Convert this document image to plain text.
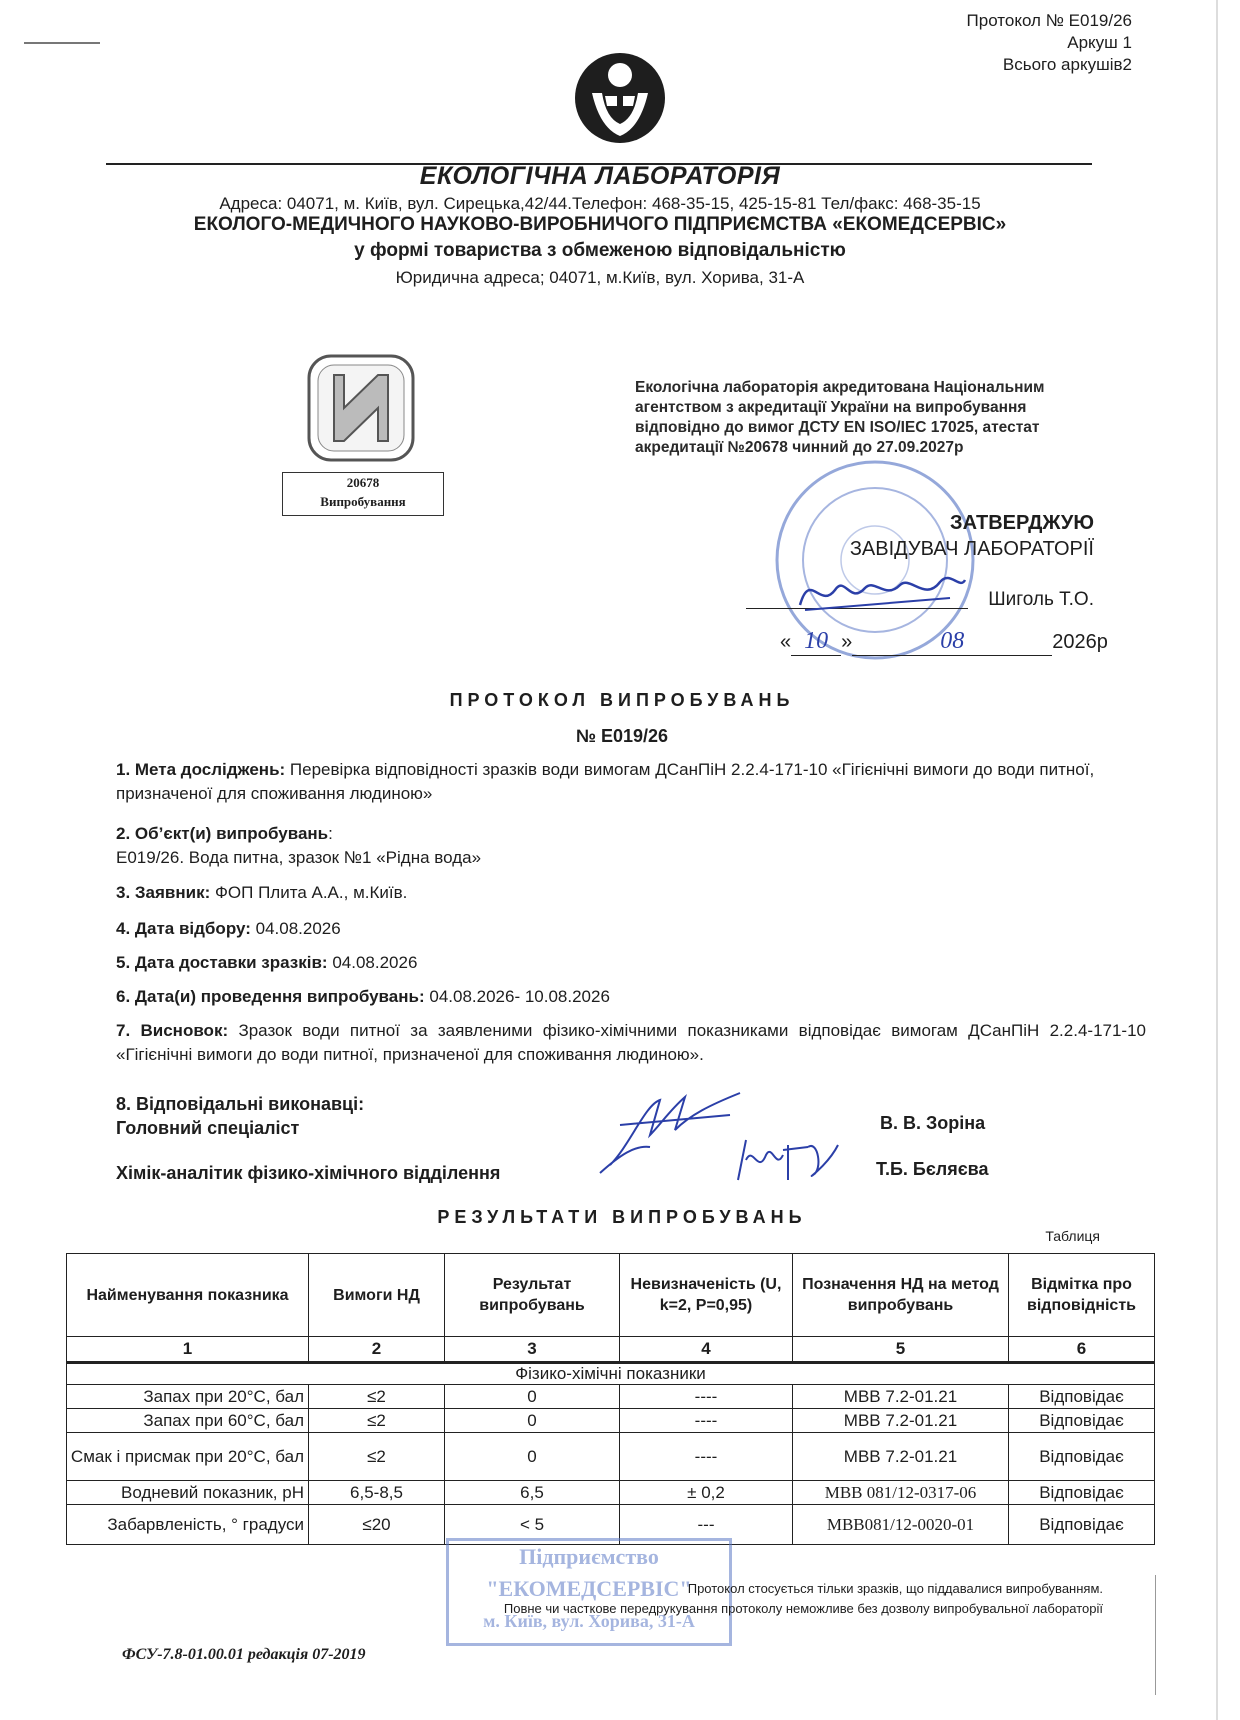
Протокол № Е019/26
Аркуш 1
Всього аркушів2
ЕКОЛОГІЧНА ЛАБОРАТОРІЯ
Адреса: 04071, м. Київ, вул. Сирецька,42/44.Телефон: 468-35-15, 425-15-81 Тел/факс: 468-35-15
ЕКОЛОГО-МЕДИЧНОГО НАУКОВО-ВИРОБНИЧОГО ПІДПРИЄМСТВА «ЕКОМЕДСЕРВІС»
у формі товариства з обмеженою відповідальністю
Юридична адреса; 04071, м.Київ, вул. Хорива, 31-А
20678
Випробування
Екологічна лабораторія акредитована Національним
агентством з акредитації України на випробування
відповідно до вимог ДСТУ EN ISO/IEC 17025, атестат
акредитації №20678 чинний до 27.09.2027р
ЗАТВЕРДЖУЮ
ЗАВІДУВАЧ ЛАБОРАТОРІЇ
Шиголь Т.О.
« 10 »	08	2026р
ПРОТОКОЛ ВИПРОБУВАНЬ
№ Е019/26
1. Мета досліджень: Перевірка відповідності зразків води вимогам ДСанПіН 2.2.4-171-10 «Гігієнічні вимоги до води питної, призначеної для споживання людиною»
2. Об’єкт(и) випробувань:
Е019/26. Вода питна, зразок №1 «Рідна вода»
3. Заявник: ФОП Плита А.А., м.Київ.
4. Дата відбору: 04.08.2026
5. Дата доставки зразків: 04.08.2026
6. Дата(и) проведення випробувань: 04.08.2026- 10.08.2026
7. Висновок: Зразок води питної за заявленими фізико-хімічними показниками відповідає вимогам ДСанПіН 2.2.4-171-10 «Гігієнічні вимоги до води питної, призначеної для споживання людиною».
8. Відповідальні виконавці:
Головний спеціаліст	В. В. Зоріна
Хімік-аналітик фізико-хімічного відділення	Т.Б. Бєляєва
РЕЗУЛЬТАТИ ВИПРОБУВАНЬ
Таблиця
Найменування показника	Вимоги НД	Результат випробувань	Невизначеність (U, k=2, P=0,95)	Позначення НД на метод випробувань	Відмітка про відповідність
1	2	3	4	5	6
Фізико-хімічні показники					
Запах при 20°С, бал	≤2	0	----	МВВ 7.2-01.21	Відповідає
Запах при 60°С, бал	≤2	0	----	МВВ 7.2-01.21	Відповідає
Смак і присмак при 20°С, бал	≤2	0	----	МВВ 7.2-01.21	Відповідає
Водневий показник, pH	6,5-8,5	6,5	± 0,2	МВВ 081/12-0317-06	Відповідає
Забарвленість, ° градуси	≤20	< 5	---	МВВ081/12-0020-01	Відповідає
Підприємство
"ЕКОМЕДСЕРВІС"
м. Київ, вул. Хорива, 31-А
Протокол стосується тільки зразків, що піддавалися випробуванням.
Повне чи часткове передрукування протоколу неможливе без дозволу випробувальної лабораторії
ФСУ-7.8-01.00.01 редакція 07-2019
